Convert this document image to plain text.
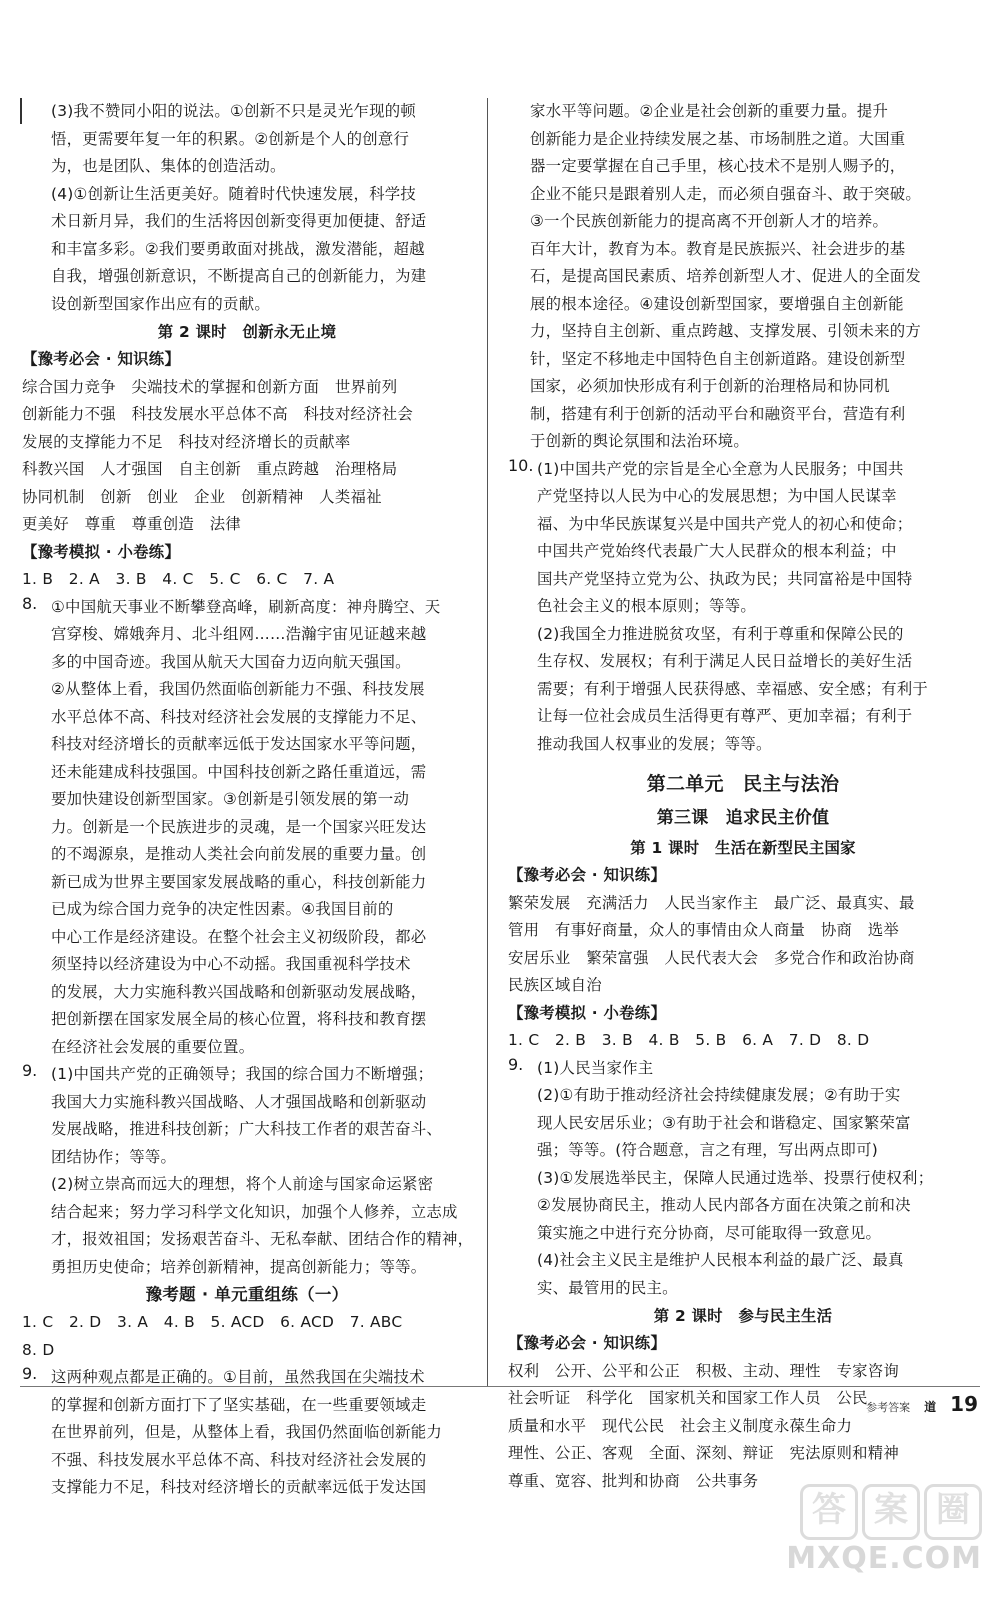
(3)我不赞同小阳的说法。①创新不只是灵光乍现的顿

悟，更需要年复一年的积累。②创新是个人的创意行

为，也是团队、集体的创造活动。

(4)①创新让生活更美好。随着时代快速发展，科学技

术日新月异，我们的生活将因创新变得更加便捷、舒适

和丰富多彩。②我们要勇敢面对挑战，激发潜能，超越

自我，增强创新意识，不断提高自己的创新能力，为建

设创新型国家作出应有的贡献。

第 2 课时　创新永无止境

【豫考必会 · 知识练】

综合国力竞争　尖端技术的掌握和创新方面　世界前列

创新能力不强　科技发展水平总体不高　科技对经济社会

发展的支撑能力不足　科技对经济增长的贡献率

科教兴国　人才强国　自主创新　重点跨越　治理格局

协同机制　创新　创业　企业　创新精神　人类福祉

更美好　尊重　尊重创造　法律

【豫考模拟 · 小卷练】

1. B　2. A　3. B　4. C　5. C　6. C　7. A

8. ①中国航天事业不断攀登高峰，刷新高度：神舟腾空、天

宫穿梭、嫦娥奔月、北斗组网……浩瀚宇宙见证越来越

多的中国奇迹。我国从航天大国奋力迈向航天强国。

②从整体上看，我国仍然面临创新能力不强、科技发展

水平总体不高、科技对经济社会发展的支撑能力不足、

科技对经济增长的贡献率远低于发达国家水平等问题，

还未能建成科技强国。中国科技创新之路任重道远，需

要加快建设创新型国家。③创新是引领发展的第一动

力。创新是一个民族进步的灵魂，是一个国家兴旺发达

的不竭源泉，是推动人类社会向前发展的重要力量。创

新已成为世界主要国家发展战略的重心，科技创新能力

已成为综合国力竞争的决定性因素。④我国目前的

中心工作是经济建设。在整个社会主义初级阶段，都必

须坚持以经济建设为中心不动摇。我国重视科学技术

的发展，大力实施科教兴国战略和创新驱动发展战略，

把创新摆在国家发展全局的核心位置，将科技和教育摆

在经济社会发展的重要位置。

9. (1)中国共产党的正确领导；我国的综合国力不断增强；

我国大力实施科教兴国战略、人才强国战略和创新驱动

发展战略，推进科技创新；广大科技工作者的艰苦奋斗、

团结协作；等等。

(2)树立崇高而远大的理想，将个人前途与国家命运紧密

结合起来；努力学习科学文化知识，加强个人修养，立志成

才，报效祖国；发扬艰苦奋斗、无私奉献、团结合作的精神，

勇担历史使命；培养创新精神，提高创新能力；等等。

豫考题 · 单元重组练（一）

1. C　2. D　3. A　4. B　5. ACD　6. ACD　7. ABC

8. D

9. 这两种观点都是正确的。①目前，虽然我国在尖端技术

的掌握和创新方面打下了坚实基础，在一些重要领域走

在世界前列，但是，从整体上看，我国仍然面临创新能力

不强、科技发展水平总体不高、科技对经济社会发展的

支撑能力不足，科技对经济增长的贡献率远低于发达国

家水平等问题。②企业是社会创新的重要力量。提升

创新能力是企业持续发展之基、市场制胜之道。大国重

器一定要掌握在自己手里，核心技术不是别人赐予的，

企业不能只是跟着别人走，而必须自强奋斗、敢于突破。

③一个民族创新能力的提高离不开创新人才的培养。

百年大计，教育为本。教育是民族振兴、社会进步的基

石，是提高国民素质、培养创新型人才、促进人的全面发

展的根本途径。④建设创新型国家，要增强自主创新能

力，坚持自主创新、重点跨越、支撑发展、引领未来的方

针，坚定不移地走中国特色自主创新道路。建设创新型

国家，必须加快形成有利于创新的治理格局和协同机

制，搭建有利于创新的活动平台和融资平台，营造有利

于创新的舆论氛围和法治环境。

10. (1)中国共产党的宗旨是全心全意为人民服务；中国共

产党坚持以人民为中心的发展思想；为中国人民谋幸

福、为中华民族谋复兴是中国共产党人的初心和使命；

中国共产党始终代表最广大人民群众的根本利益；中

国共产党坚持立党为公、执政为民；共同富裕是中国特

色社会主义的根本原则；等等。

(2)我国全力推进脱贫攻坚，有利于尊重和保障公民的

生存权、发展权；有利于满足人民日益增长的美好生活

需要；有利于增强人民获得感、幸福感、安全感；有利于

让每一位社会成员生活得更有尊严、更加幸福；有利于

推动我国人权事业的发展；等等。

第二单元　民主与法治

第三课　追求民主价值

第 1 课时　生活在新型民主国家

【豫考必会 · 知识练】

繁荣发展　充满活力　人民当家作主　最广泛、最真实、最

管用　有事好商量，众人的事情由众人商量　协商　选举

安居乐业　繁荣富强　人民代表大会　多党合作和政治协商

民族区域自治

【豫考模拟 · 小卷练】

1. C　2. B　3. B　4. B　5. B　6. A　7. D　8. D

9. (1)人民当家作主

(2)①有助于推动经济社会持续健康发展；②有助于实

现人民安居乐业；③有助于社会和谐稳定、国家繁荣富

强；等等。(符合题意，言之有理，写出两点即可)

(3)①发展选举民主，保障人民通过选举、投票行使权利；

②发展协商民主，推动人民内部各方面在决策之前和决

策实施之中进行充分协商，尽可能取得一致意见。

(4)社会主义民主是维护人民根本利益的最广泛、最真

实、最管用的民主。

第 2 课时　参与民主生活

【豫考必会 · 知识练】

权利　公开、公平和公正　积极、主动、理性　专家咨询

社会听证　科学化　国家机关和国家工作人员　公民

质量和水平　现代公民　社会主义制度永葆生命力

理性、公正、客观　全面、深刻、辩证　宪法原则和精神

尊重、宽容、批判和协商　公共事务

参考答案 道 19
答 案 圈
MXQE.COM
